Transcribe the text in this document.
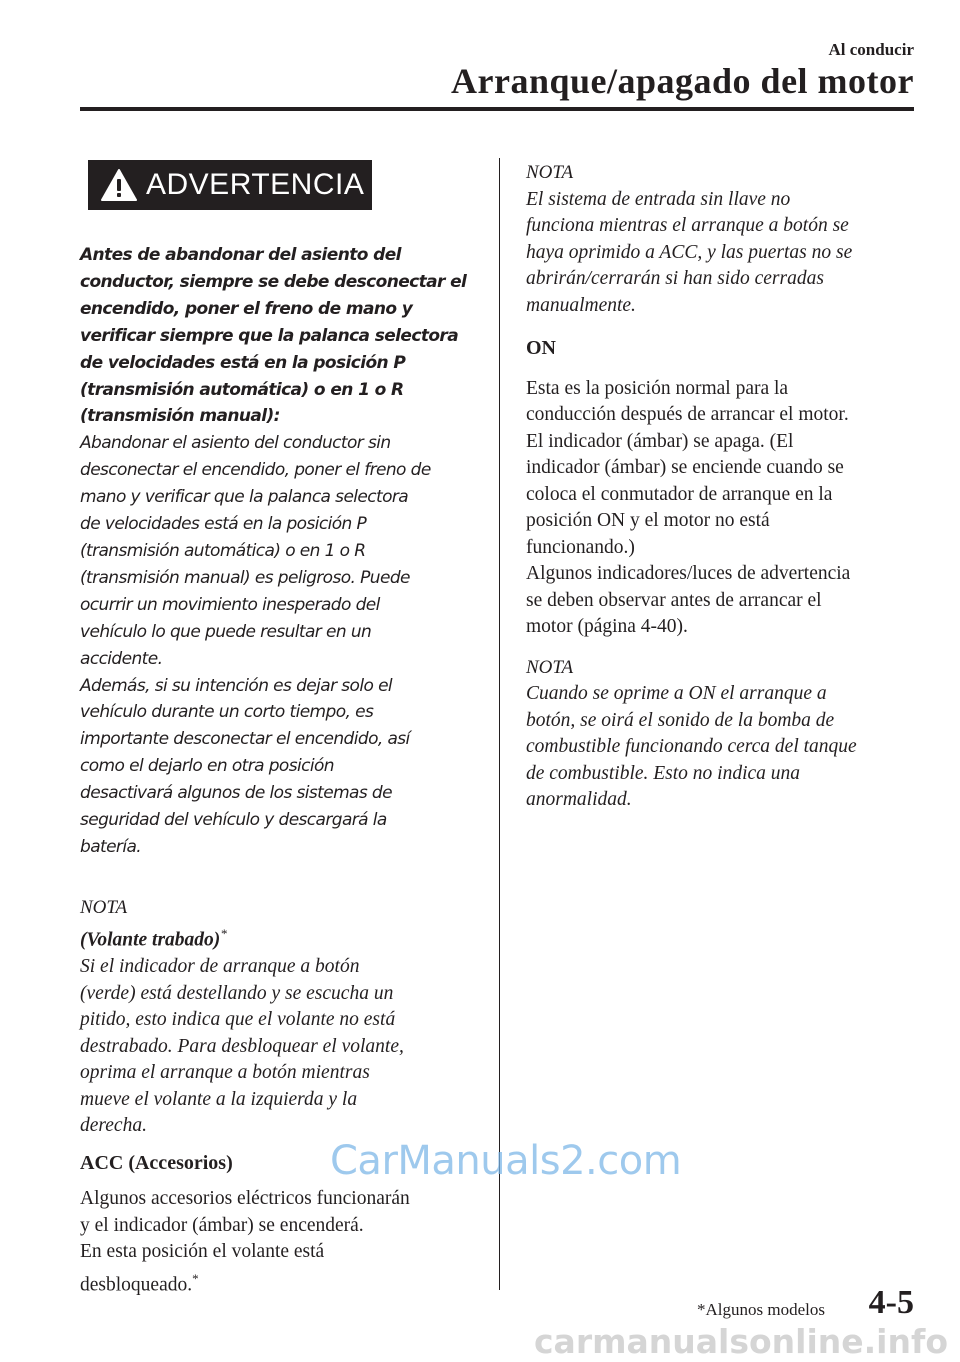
Al conducir
Arranque/apagado del motor
ADVERTENCIA
Antes de abandonar del asiento del
conductor, siempre se debe desconectar el
encendido, poner el freno de mano y
verificar siempre que la palanca selectora
de velocidades está en la posición P
(transmisión automática) o en 1 o R
(transmisión manual):
Abandonar el asiento del conductor sin
desconectar el encendido, poner el freno de
mano y verificar que la palanca selectora
de velocidades está en la posición P
(transmisión automática) o en 1 o R
(transmisión manual) es peligroso. Puede
ocurrir un movimiento inesperado del
vehículo lo que puede resultar en un
accidente.
Además, si su intención es dejar solo el
vehículo durante un corto tiempo, es
importante desconectar el encendido, así
como el dejarlo en otra posición
desactivará algunos de los sistemas de
seguridad del vehículo y descargará la
batería.
NOTA
(Volante trabado)*
Si el indicador de arranque a botón
(verde) está destellando y se escucha un
pitido, esto indica que el volante no está
destrabado. Para desbloquear el volante,
oprima el arranque a botón mientras
mueve el volante a la izquierda y la
derecha.
ACC (Accesorios)
Algunos accesorios eléctricos funcionarán
y el indicador (ámbar) se encenderá.
En esta posición el volante está
desbloqueado.*
NOTA
El sistema de entrada sin llave no
funciona mientras el arranque a botón se
haya oprimido a ACC, y las puertas no se
abrirán/cerrarán si han sido cerradas
manualmente.
ON
Esta es la posición normal para la
conducción después de arrancar el motor.
El indicador (ámbar) se apaga. (El
indicador (ámbar) se enciende cuando se
coloca el conmutador de arranque en la
posición ON y el motor no está
funcionando.)
Algunos indicadores/luces de advertencia
se deben observar antes de arrancar el
motor (página 4-40).
NOTA
Cuando se oprime a ON el arranque a
botón, se oirá el sonido de la bomba de
combustible funcionando cerca del tanque
de combustible. Esto no indica una
anormalidad.
*Algunos modelos 4-5
CarManuals2.com
carmanualsonline.info
